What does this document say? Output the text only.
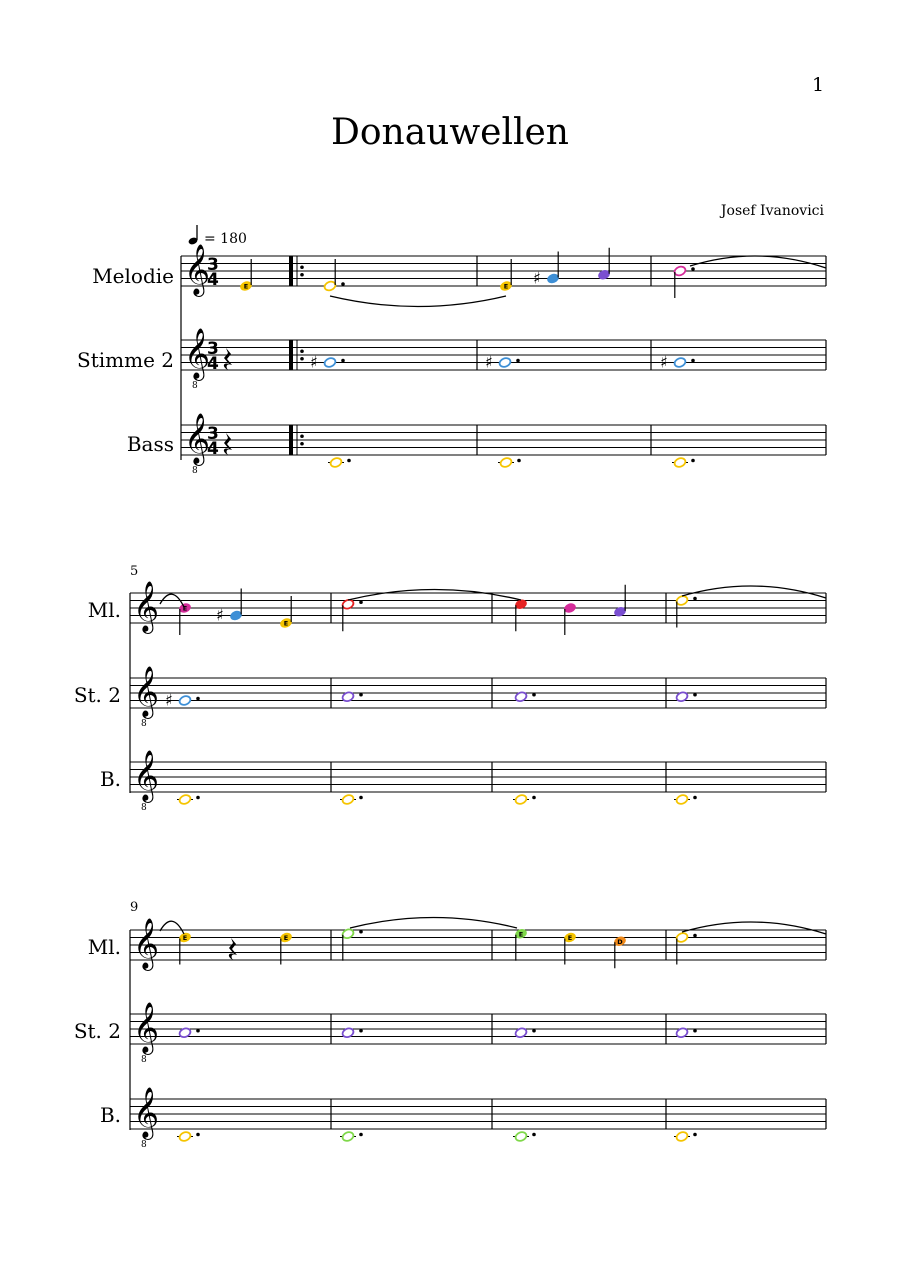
1
Donauwellen
Josef Ivanovici
= 180
Melodie
Stimme 2
Bass
5
Ml.
St. 2
B.
9
Ml.
St. 2
B.
𝄞
3
4
𝄞
8
3
4
𝄞
8
3
4
E	E ♯
♯	♯	♯
𝄞
𝄞
8
𝄞
8
E ♯	E
♯
𝄞
𝄞
8
𝄞
8
E	E	E	E	D
